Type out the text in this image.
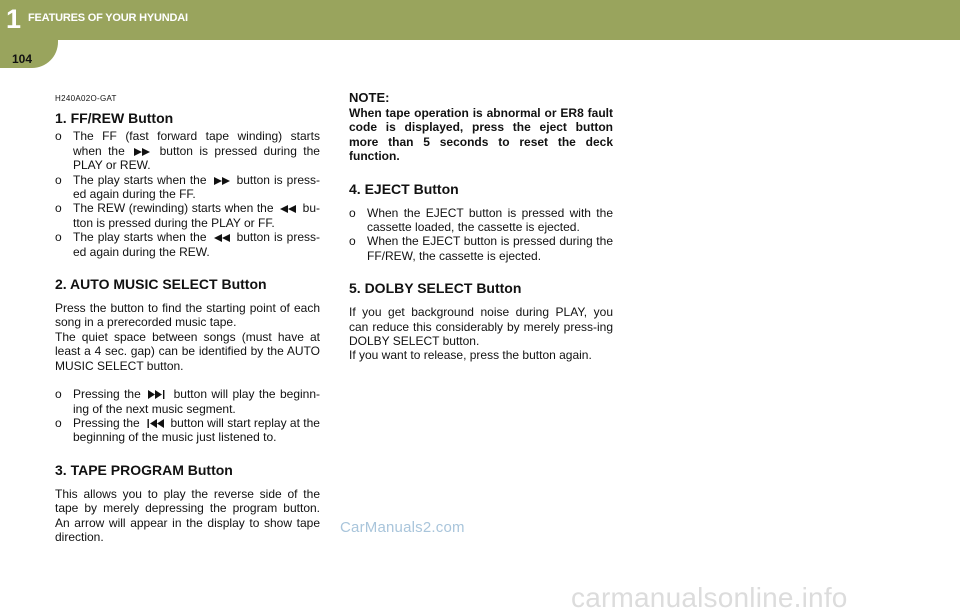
1 FEATURES OF YOUR HYUNDAI
104
H240A02O-GAT
1. FF/REW Button
o The FF (fast forward tape winding) starts when the	button is pressed during the PLAY or REW.
o The play starts when the	button is press-ed again during the FF.
o The REW (rewinding) starts when the bu-tton is pressed during the PLAY or FF.
o The play starts when the	button is press-ed again during the REW.
2. AUTO MUSIC SELECT Button

Press the button to find the starting point of each song in a prerecorded music tape.

The quiet space between songs (must have at least a 4 sec. gap) can be identified by the AUTO MUSIC SELECT button.

o Pressing the	button will play the beginn-ing of the next music segment.
o Pressing the	button will start replay at the beginning of the music just listened to.
3. TAPE PROGRAM Button

This allows you to play the reverse side of the tape by merely depressing the program button. An arrow will appear in the display to show tape direction.

NOTE:
When tape operation is abnormal or ER8 fault code is displayed, press the eject button more than 5 seconds to reset the deck function.
4. EJECT Button
o When the EJECT button is pressed with the cassette loaded, the cassette is ejected.
o When the EJECT button is pressed during the FF/REW, the cassette is ejected.
5. DOLBY SELECT Button

If you get background noise during PLAY, you can reduce this considerably by merely press-ing DOLBY SELECT button.

If you want to release, press the button again.

CarManuals2.com
carmanualsonline.info
